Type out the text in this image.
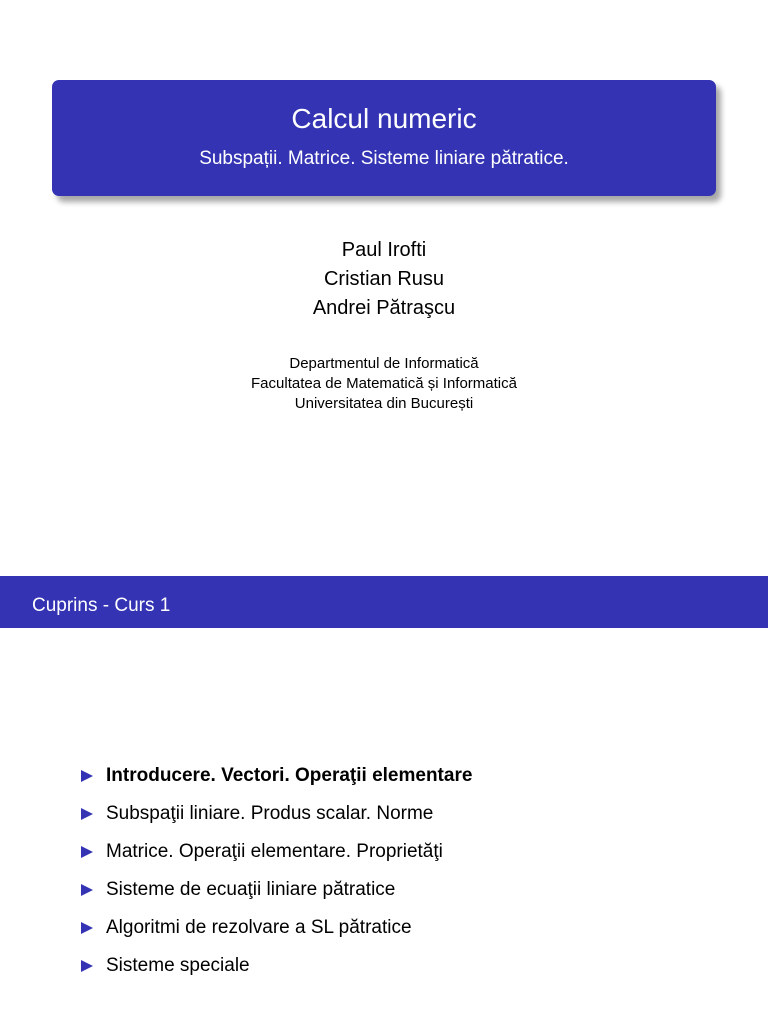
Calcul numeric
Subspații. Matrice. Sisteme liniare pătratice.
Paul Irofti
Cristian Rusu
Andrei Pătraşcu
Departmentul de Informatică
Facultatea de Matematică și Informatică
Universitatea din București
Cuprins - Curs 1
Introducere. Vectori. Operaţii elementare
Subspaţii liniare. Produs scalar. Norme
Matrice. Operaţii elementare. Proprietăţi
Sisteme de ecuaţii liniare pătratice
Algoritmi de rezolvare a SL pătratice
Sisteme speciale
